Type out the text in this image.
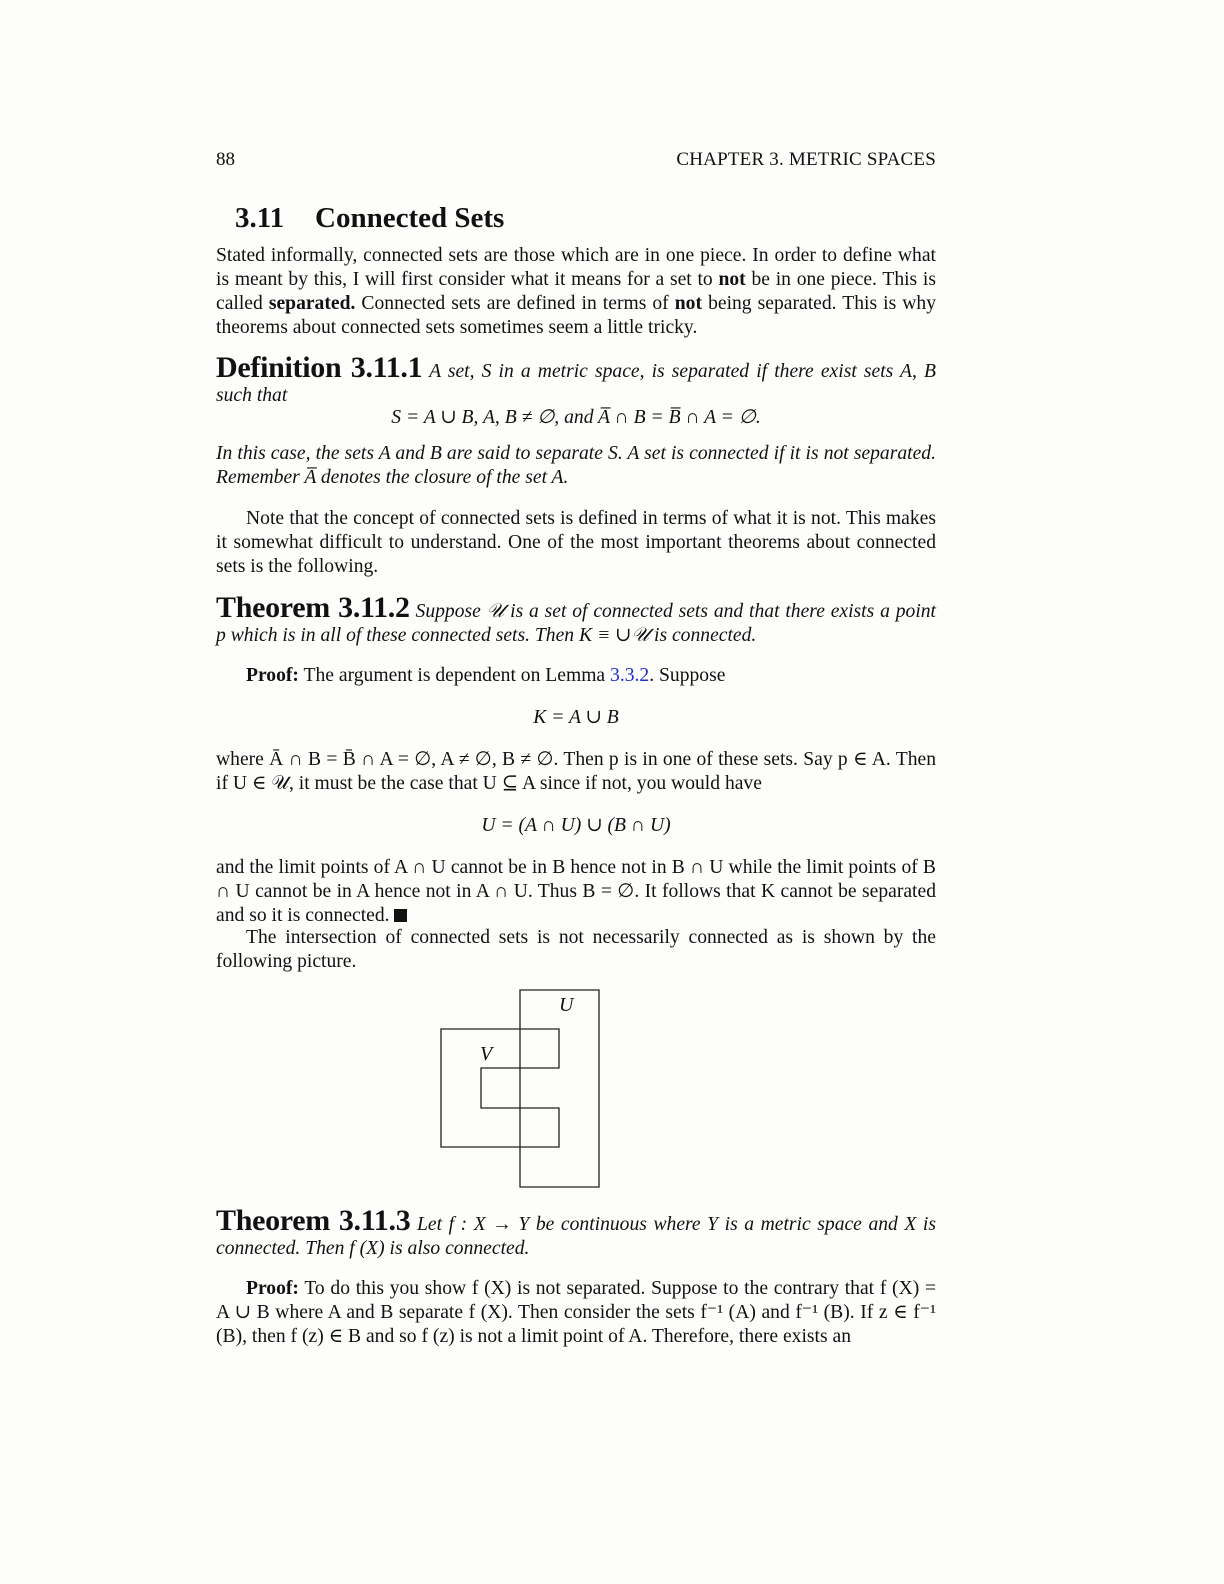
88	CHAPTER 3. METRIC SPACES
3.11 Connected Sets

Stated informally, connected sets are those which are in one piece. In order to define what is meant by this, I will first consider what it means for a set to not be in one piece. This is called separated. Connected sets are defined in terms of not being separated. This is why theorems about connected sets sometimes seem a little tricky.

Definition 3.11.1 A set, S in a metric space, is separated if there exist sets A, B such that

S = A ∪ B, A, B ≠ ∅, and A̅ ∩ B = B̅ ∩ A = ∅.

In this case, the sets A and B are said to separate S. A set is connected if it is not separated. Remember A̅ denotes the closure of the set A.

Note that the concept of connected sets is defined in terms of what it is not. This makes it somewhat difficult to understand. One of the most important theorems about connected sets is the following.

Theorem 3.11.2 Suppose 𝒰 is a set of connected sets and that there exists a point p which is in all of these connected sets. Then K ≡ ∪𝒰 is connected.

Proof: The argument is dependent on Lemma 3.3.2. Suppose

K = A ∪ B

where Ā ∩ B = B̄ ∩ A = ∅, A ≠ ∅, B ≠ ∅. Then p is in one of these sets. Say p ∈ A. Then if U ∈ 𝒰, it must be the case that U ⊆ A since if not, you would have

U = (A ∩ U) ∪ (B ∩ U)

and the limit points of A ∩ U cannot be in B hence not in B ∩ U while the limit points of B ∩ U cannot be in A hence not in A ∩ U. Thus B = ∅. It follows that K cannot be separated and so it is connected.

The intersection of connected sets is not necessarily connected as is shown by the following picture.

U
V

Theorem 3.11.3 Let f : X → Y be continuous where Y is a metric space and X is connected. Then f (X) is also connected.

Proof: To do this you show f (X) is not separated. Suppose to the contrary that f (X) = A ∪ B where A and B separate f (X). Then consider the sets f⁻¹ (A) and f⁻¹ (B). If z ∈ f⁻¹ (B), then f (z) ∈ B and so f (z) is not a limit point of A. Therefore, there exists an
